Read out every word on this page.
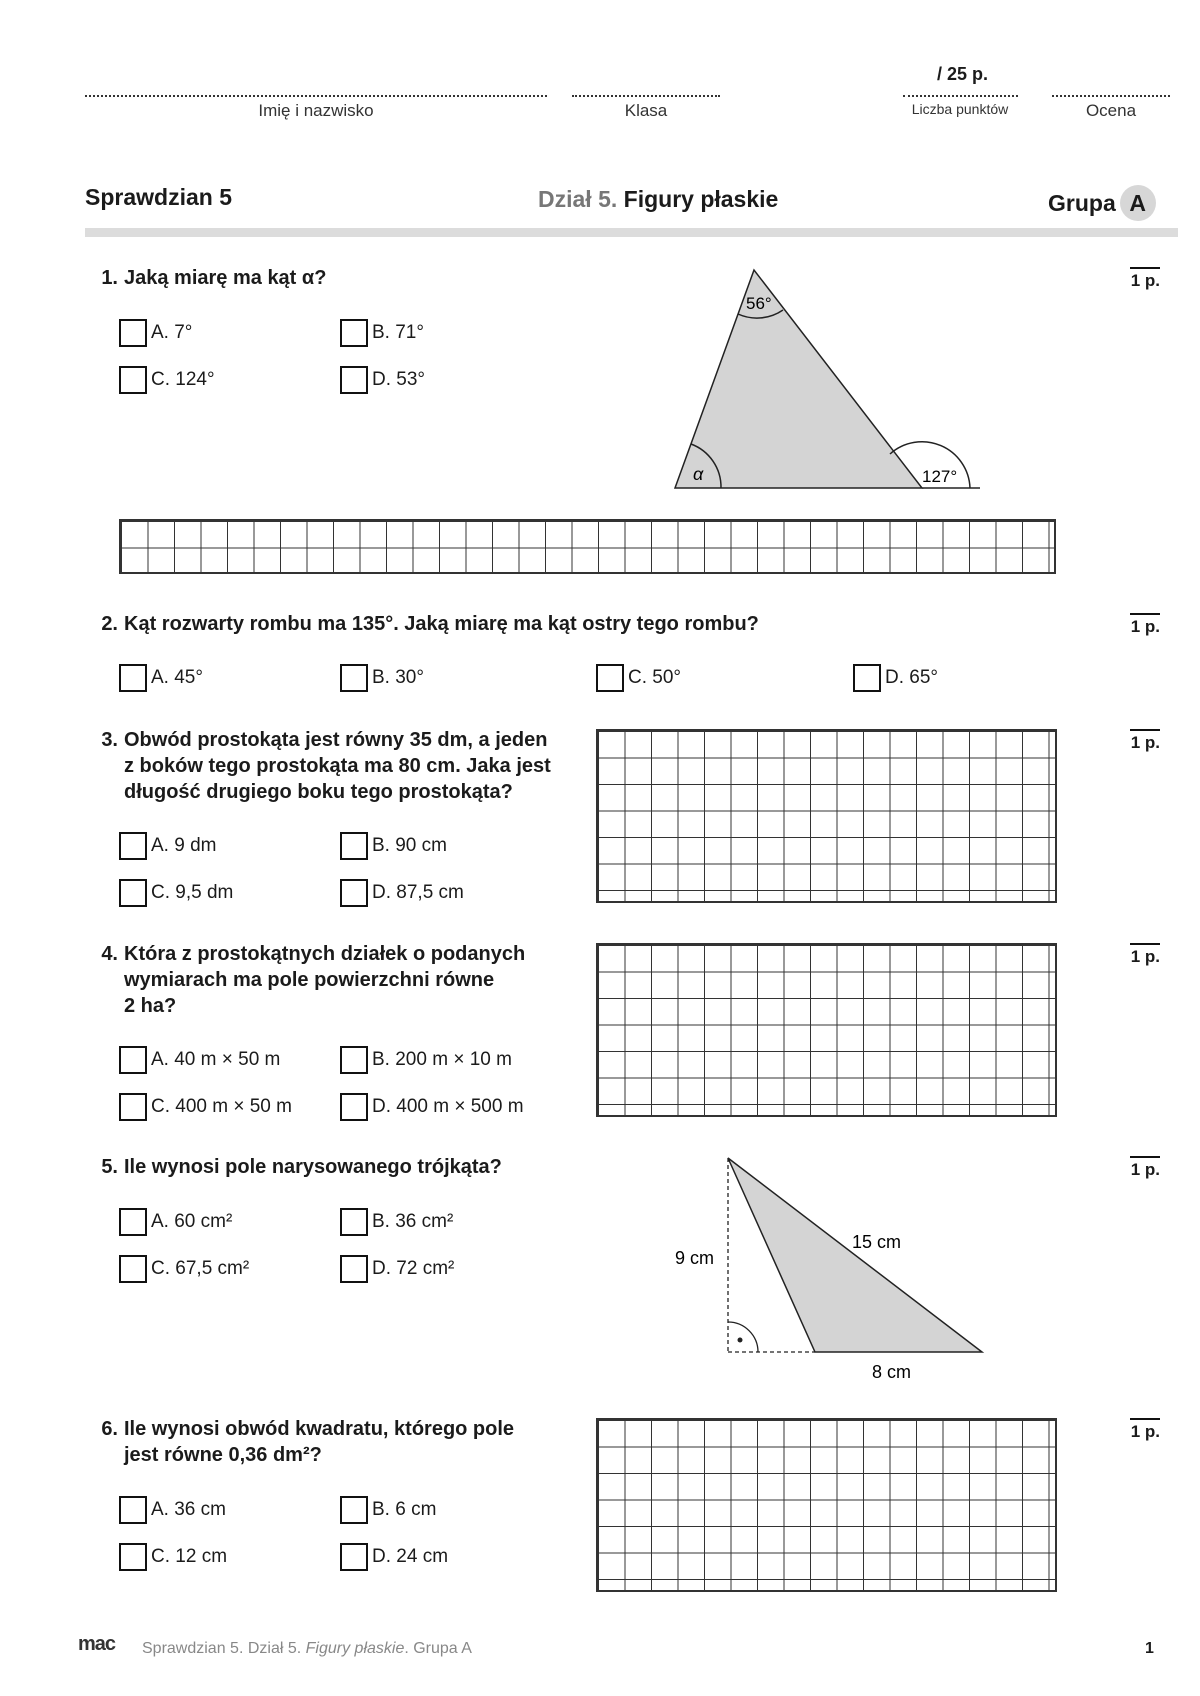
/ 25 p.
Imię i nazwisko	Klasa	Liczba punktów	Ocena
Sprawdzian 5	Dział 5. Figury płaskie	Grupa A
1. Jaką miarę ma kąt α?	1 p.
A. 7°	B. 71°
C. 124°	D. 53°
56°
α	127°
2. Kąt rozwarty rombu ma 135°. Jaką miarę ma kąt ostry tego rombu?	1 p.
A. 45°	B. 30°	C. 50°	D. 65°
3. Obwód prostokąta jest równy 35 dm, a jeden
z boków tego prostokąta ma 80 cm. Jaka jest
długość drugiego boku tego prostokąta?
1 p.
A. 9 dm	B. 90 cm
C. 9,5 dm	D. 87,5 cm
4. Która z prostokątnych działek o podanych
wymiarach ma pole powierzchni równe
2 ha?
1 p.
A. 40 m × 50 m	B. 200 m × 10 m
C. 400 m × 50 m	D. 400 m × 500 m
5. Ile wynosi pole narysowanego trójkąta?	1 p.
A. 60 cm²	B. 36 cm²
C. 67,5 cm²	D. 72 cm²	9 cm
15 cm
8 cm
6. Ile wynosi obwód kwadratu, którego pole
jest równe 0,36 dm²?
1 p.
A. 36 cm	B. 6 cm
C. 12 cm	D. 24 cm
mac Sprawdzian 5. Dział 5. Figury płaskie. Grupa A	1
